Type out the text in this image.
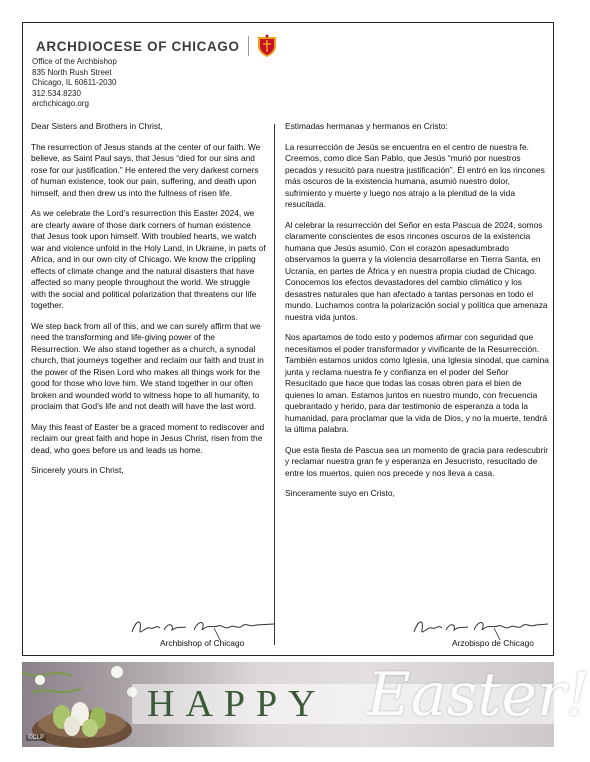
ARCHDIOCESE OF CHICAGO
Office of the Archbishop
835 North Rush Street
Chicago, IL 60611-2030
312.534.8230
archchicago.org

Dear Sisters and Brothers in Christ,

The resurrection of Jesus stands at the center of our faith. We believe, as Saint Paul says, that Jesus “died for our sins and rose for our justification.” He entered the very darkest corners of human existence, took our pain, suffering, and death upon himself, and then drew us into the fullness of risen life.

As we celebrate the Lord’s resurrection this Easter 2024, we are clearly aware of those dark corners of human existence that Jesus took upon himself. With troubled hearts, we watch war and violence unfold in the Holy Land, in Ukraine, in parts of Africa, and in our own city of Chicago. We know the crippling effects of climate change and the natural disasters that have affected so many people throughout the world. We struggle with the social and political polarization that threatens our life together.

We step back from all of this, and we can surely affirm that we need the transforming and life-giving power of the Resurrection. We also stand together as a church, a synodal church, that journeys together and reclaim our faith and trust in the power of the Risen Lord who makes all things work for the good for those who love him. We stand together in our often broken and wounded world to witness hope to all humanity, to proclaim that God’s life and not death will have the last word.

May this feast of Easter be a graced moment to rediscover and reclaim our great faith and hope in Jesus Christ, risen from the dead, who goes before us and leads us home.

Sincerely yours in Christ,

Estimadas hermanas y hermanos en Cristo:

La resurrección de Jesús se encuentra en el centro de nuestra fe. Creemos, como dice San Pablo, que Jesús “murió por nuestros pecados y resucitó para nuestra justificación”. Él entró en los rincones más oscuros de la existencia humana, asumió nuestro dolor, sufrimiento y muerte y luego nos atrajo a la plenitud de la vida resucitada.

Al celebrar la resurrección del Señor en esta Pascua de 2024, somos claramente conscientes de esos rincones oscuros de la existencia humana que Jesús asumió. Con el corazón apesadumbrado observamos la guerra y la violencia desarrollarse en Tierra Santa, en Ucrania, en partes de África y en nuestra propia ciudad de Chicago. Conocemos los efectos devastadores del cambio climático y los desastres naturales que han afectado a tantas personas en todo el mundo. Luchamos contra la polarización social y política que amenaza nuestra vida juntos.

Nos apartamos de todo esto y podemos afirmar con seguridad que necesitamos el poder transformador y vivificante de la Resurrección. También estamos unidos como Iglesia, una Iglesia sinodal, que camina junta y reclama nuestra fe y confianza en el poder del Señor Resucitado que hace que todas las cosas obren para el bien de quienes lo aman. Estamos juntos en nuestro mundo, con frecuencia quebrantado y herido, para dar testimonio de esperanza a toda la humanidad, para proclamar que la vida de Dios, y no la muerte, tendrá la última palabra.

Que esta fiesta de Pascua sea un momento de gracia para redescubrir y reclamar nuestra gran fe y esperanza en Jesucristo, resucitado de entre los muertos, quien nos precede y nos lleva a casa.

Sinceramente suyo en Cristo,

Archbishop of Chicago	Arzobispo de Chicago
HAPPY Easter!
©CLP
